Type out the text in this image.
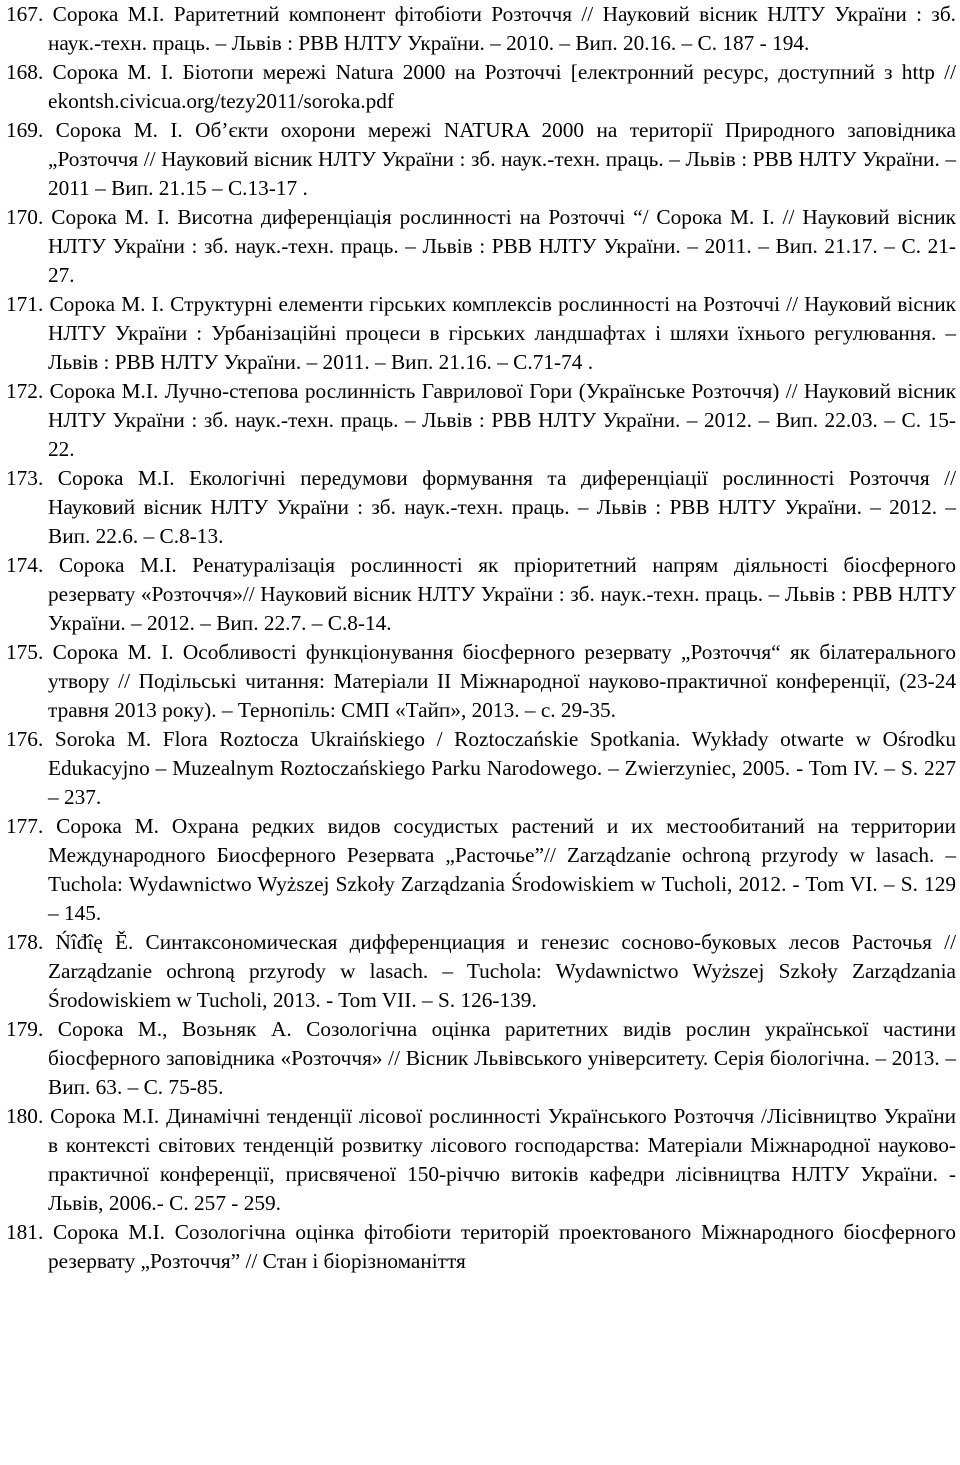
167. Сорока М.І. Раритетний компонент фітобіоти Розточчя // Науковий вісник НЛТУ України : зб. наук.-техн. праць. – Львів : РВВ НЛТУ України. – 2010. – Вип. 20.16. – С. 187 - 194.
168. Сорока М. І. Біотопи мережі Natura 2000 на Розточчі [електронний ресурс, доступний з http // ekontsh.civicua.org/tezy2011/soroka.pdf
169. Сорока М. І. Об’єкти охорони мережі NATURA 2000 на території Природного заповідника „Розточчя // Науковий вісник НЛТУ України : зб. наук.-техн. праць. – Львів : РВВ НЛТУ України. – 2011 – Вип. 21.15 – С.13-17 .
170. Сорока М. І. Висотна диференціація рослинності на Розточчі “/ Сорока М. І. // Науковий вісник НЛТУ України : зб. наук.-техн. праць. – Львів : РВВ НЛТУ України. – 2011. – Вип. 21.17. – С. 21- 27.
171. Сорока М. І. Структурні елементи гірських комплексів рослинності на Розточчі // Науковий вісник НЛТУ України : Урбанізаційні процеси в гірських ландшафтах і шляхи їхнього регулювання. – Львів : РВВ НЛТУ України. – 2011. – Вип. 21.16. – С.71-74 .
172. Сорока М.І. Лучно-степова рослинність Гаврилової Гори (Українське Розточчя) // Науковий вісник НЛТУ України : зб. наук.-техн. праць. – Львів : РВВ НЛТУ України. – 2012. – Вип. 22.03. – С. 15-22.
173. Сорока М.І. Екологічні передумови формування та диференціації рослинності Розточчя // Науковий вісник НЛТУ України : зб. наук.-техн. праць. – Львів : РВВ НЛТУ України. – 2012. – Вип. 22.6. – С.8-13.
174. Сорока М.І. Ренатуралізація рослинності як пріоритетний напрям діяльності біосферного резервату «Розточчя»// Науковий вісник НЛТУ України : зб. наук.-техн. праць. – Львів : РВВ НЛТУ України. – 2012. – Вип. 22.7. – С.8-14.
175. Сорока М. І. Особливості функціонування біосферного резервату „Розточчя“ як білатерального утвору // Подільські читання: Матеріали ІІ Міжнародної науково-практичної конференції, (23-24 травня 2013 року). – Тернопіль: СМП «Тайп», 2013. – с. 29-35.
176. Soroka M. Flora Roztocza Ukraińskiego / Roztoczańskie Spotkania. Wykłady otwarte w Ośrodku Edukacyjno – Muzealnym Roztoczańskiego Parku Narodowego. – Zwierzyniec, 2005. - Tom IV. – S. 227 – 237.
177. Сорока М. Охрана редких видов сосудистых растений и их местообитаний на территории Международного Биосферного Резервата „Расточье”// Zarządzanie ochroną przyrody w lasach. – Tuchola: Wydawnictwo Wyższej Szkoły Zarządzania Środowiskiem w Tucholi, 2012. - Tom VI. – S. 129 – 145.
178. Ńîđîę Ě. Синтаксономическая дифференциация и генезис сосново-буковых лесов Расточья // Zarządzanie ochroną przyrody w lasach. – Tuchola: Wydawnictwo Wyższej Szkoły Zarządzania Środowiskiem w Tucholi, 2013. - Tom VII. – S. 126-139.
179. Сорока М., Возьняк А. Созологічна оцінка раритетних видів рослин української частини біосферного заповідника «Розточчя» // Вісник Львівського університету. Серія біологічна. – 2013. – Вип. 63. – С. 75-85.
180. Сорока М.І. Динамічні тенденції лісової рослинності Українського Розточчя /Лісівництво України в контексті світових тенденцій розвитку лісового господарства: Матеріали Міжнародної науково-практичної конференції, присвяченої 150-річчю витоків кафедри лісівництва НЛТУ України. - Львів, 2006.- С. 257 - 259.
181. Сорока М.І. Созологічна оцінка фітобіоти територій проектованого Міжнародного біосферного резервату „Розточчя” // Стан і біорізноманіття
